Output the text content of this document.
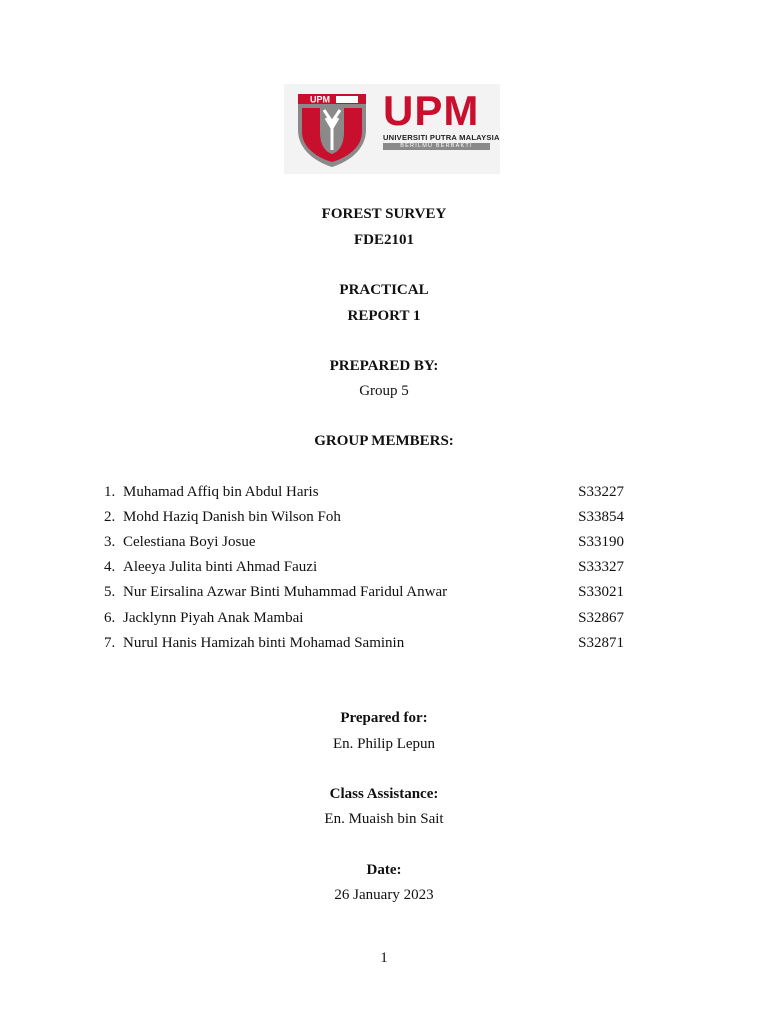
UPM UPM
UNIVERSITI PUTRA MALAYSIA
BERILMU BERBAKTI
FOREST SURVEY
FDE2101
PRACTICAL
REPORT 1
PREPARED BY:
Group 5
GROUP MEMBERS:
1. Muhamad Affiq bin Abdul Haris	S33227
2. Mohd Haziq Danish bin Wilson Foh	S33854
3. Celestiana Boyi Josue	S33190
4. Aleeya Julita binti Ahmad Fauzi	S33327
5. Nur Eirsalina Azwar Binti Muhammad Faridul Anwar	S33021
6. Jacklynn Piyah Anak Mambai	S32867
7. Nurul Hanis Hamizah binti Mohamad Saminin	S32871
Prepared for:
En. Philip Lepun
Class Assistance:
En. Muaish bin Sait
Date:
26 January 2023
1
